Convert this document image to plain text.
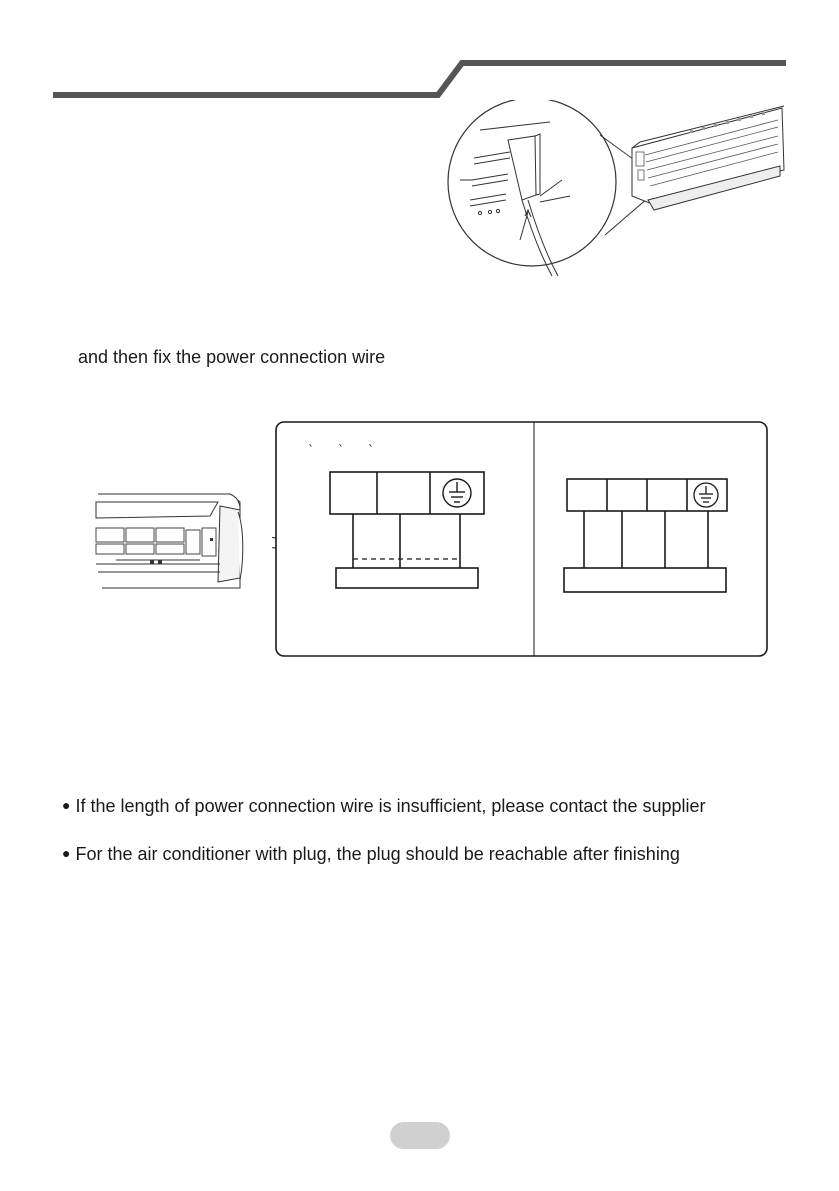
and then fix the power connection wire
` ` `
● If the length of power connection wire is insufficient, please contact the supplier
● For the air conditioner with plug, the plug should be reachable after finishing
